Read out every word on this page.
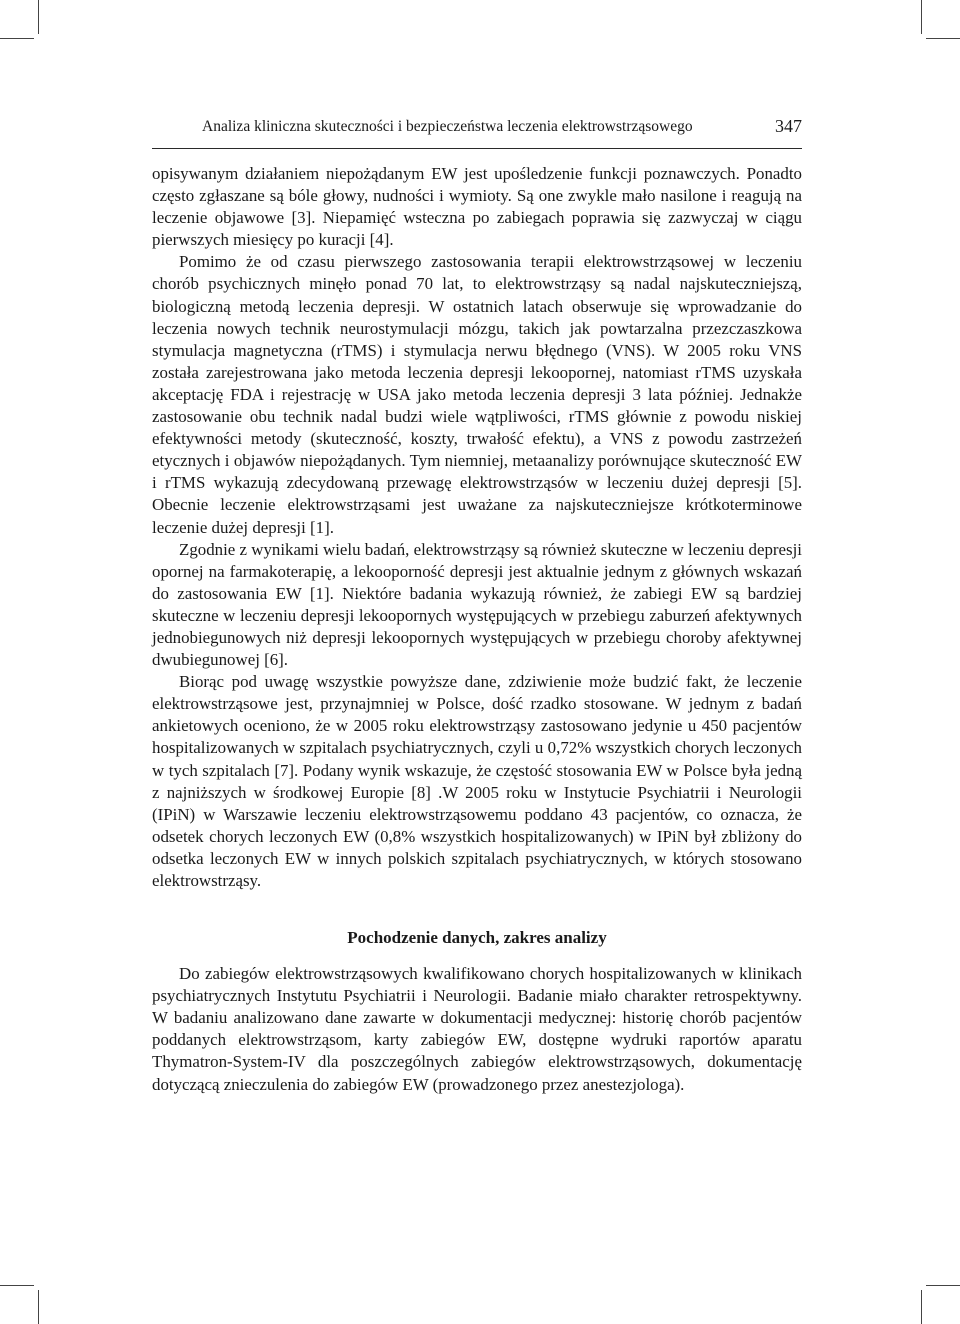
Analiza kliniczna skuteczności i bezpieczeństwa leczenia elektrowstrząsowego	347

opisywanym działaniem niepożądanym EW jest upośledzenie funkcji poznawczych. Ponadto często zgłaszane są bóle głowy, nudności i wymioty. Są one zwykle mało nasilone i reagują na leczenie objawowe [3]. Niepamięć wsteczna po zabiegach poprawia się zazwyczaj w ciągu pierwszych miesięcy po kuracji [4].

Pomimo że od czasu pierwszego zastosowania terapii elektrowstrząsowej w leczeniu chorób psychicznych minęło ponad 70 lat, to elektrowstrząsy są nadal najskuteczniejszą, biologiczną metodą leczenia depresji. W ostatnich latach obserwuje się wprowadzanie do leczenia nowych technik neurostymulacji mózgu, takich jak powtarzalna przezczaszkowa stymulacja magnetyczna (rTMS) i stymulacja nerwu błędnego (VNS). W 2005 roku VNS została zarejestrowana jako metoda leczenia depresji lekoopornej, natomiast rTMS uzyskała akceptację FDA i rejestrację w USA jako metoda leczenia depresji 3 lata później. Jednakże zastosowanie obu technik nadal budzi wiele wątpliwości, rTMS głównie z powodu niskiej efektywności metody (skuteczność, koszty, trwałość efektu), a VNS z powodu zastrzeżeń etycznych i objawów niepożądanych. Tym niemniej, metaanalizy porównujące skuteczność EW i rTMS wykazują zdecydowaną przewagę elektrowstrząsów w leczeniu dużej depresji [5]. Obecnie leczenie elektrowstrząsami jest uważane za najskuteczniejsze krótkoterminowe leczenie dużej depresji [1].

Zgodnie z wynikami wielu badań, elektrowstrząsy są również skuteczne w leczeniu depresji opornej na farmakoterapię, a lekooporność depresji jest aktualnie jednym z głównych wskazań do zastosowania EW [1]. Niektóre badania wykazują również, że zabiegi EW są bardziej skuteczne w leczeniu depresji lekoopornych występujących w przebiegu zaburzeń afektywnych jednobiegunowych niż depresji lekoopornych występujących w przebiegu choroby afektywnej dwubiegunowej [6].

Biorąc pod uwagę wszystkie powyższe dane, zdziwienie może budzić fakt, że leczenie elektrowstrząsowe jest, przynajmniej w Polsce, dość rzadko stosowane. W jednym z badań ankietowych oceniono, że w 2005 roku elektrowstrząsy zastosowano jedynie u 450 pacjentów hospitalizowanych w szpitalach psychiatrycznych, czyli u 0,72% wszystkich chorych leczonych w tych szpitalach [7]. Podany wynik wskazuje, że częstość stosowania EW w Polsce była jedną z najniższych w środkowej Europie [8] .W 2005 roku w Instytucie Psychiatrii i Neurologii (IPiN) w Warszawie leczeniu elektrowstrząsowemu poddano 43 pacjentów, co oznacza, że odsetek chorych leczonych EW (0,8% wszystkich hospitalizowanych) w IPiN był zbliżony do odsetka leczonych EW w innych polskich szpitalach psychiatrycznych, w których stosowano elektrowstrząsy.

Pochodzenie danych, zakres analizy

Do zabiegów elektrowstrząsowych kwalifikowano chorych hospitalizowanych w klinikach psychiatrycznych Instytutu Psychiatrii i Neurologii. Badanie miało charakter retrospektywny. W badaniu analizowano dane zawarte w dokumentacji medycznej: historię chorób pacjentów poddanych elektrowstrząsom, karty zabiegów EW, dostępne wydruki raportów aparatu Thymatron-System-IV dla poszczególnych zabiegów elektrowstrząsowych, dokumentację dotyczącą znieczulenia do zabiegów EW (prowadzonego przez anestezjologa).
